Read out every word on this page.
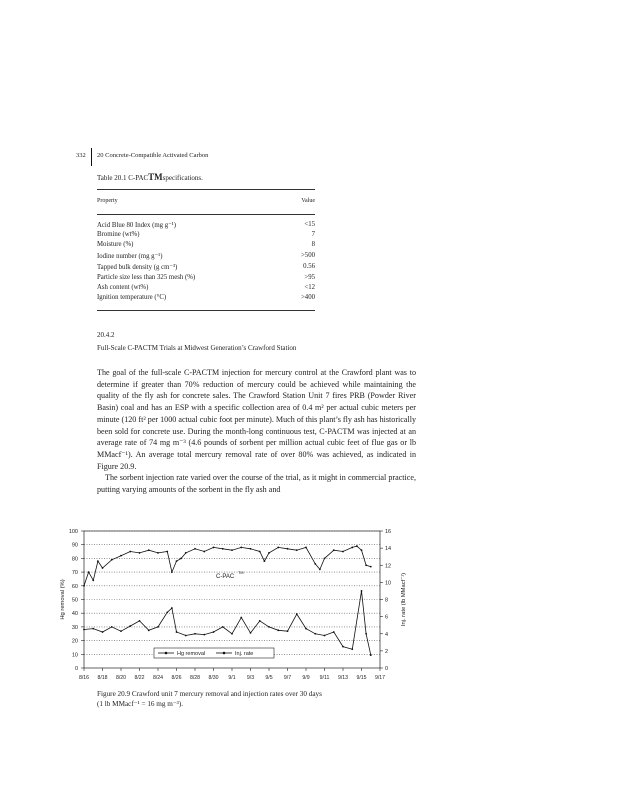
332 20 Concrete-Compatible Activated Carbon
Table 20.1 C-PACTMspecifications.
Property	Value
Acid Blue 80 Index (mg g⁻¹)	<15
Bromine (wt%)	7
Moisture (%)	8
Iodine number (mg g⁻¹)	>500
Tapped bulk density (g cm⁻³)	0.56
Particle size less than 325 mesh (%)	>95
Ash content (wt%)	<12
Ignition temperature (°C)	>400
20.4.2
Full-Scale C-PACTM Trials at Midwest Generation’s Crawford Station

The goal of the full-scale C-PACTM injection for mercury control at the Crawford plant was to determine if greater than 70% reduction of mercury could be achieved while maintaining the quality of the fly ash for concrete sales. The Crawford Station Unit 7 fires PRB (Powder River Basin) coal and has an ESP with a specific collection area of 0.4 m² per actual cubic meters per minute (120 ft² per 1000 actual cubic foot per minute). Much of this plant’s fly ash has historically been sold for concrete use. During the month-long continuous test, C-PACTM was injected at an average rate of 74 mg m⁻³ (4.6 pounds of sorbent per million actual cubic feet of flue gas or lb MMacf⁻¹). An average total mercury removal rate of over 80% was achieved, as indicated in Figure 20.9.

The sorbent injection rate varied over the course of the trial, as it might in commercial practice, putting varying amounts of the sorbent in the fly ash and

0
10
20
30
40
50
60
70
80
90
100
0
2
4
6
8
10
12
14
16
8/16 8/18 8/20 8/22 8/24 8/26 8/28 8/30 9/1 9/3 9/5 9/7 9/9 9/11 9/13 9/15 9/17
Hg removal (%)	Inj. rate (lb MMacf⁻¹)
C-PAC
TM
Hg removal	Inj. rate
Figure 20.9 Crawford unit 7 mercury removal and injection rates over 30 days
(1 lb MMacf⁻¹ = 16 mg m⁻³).
